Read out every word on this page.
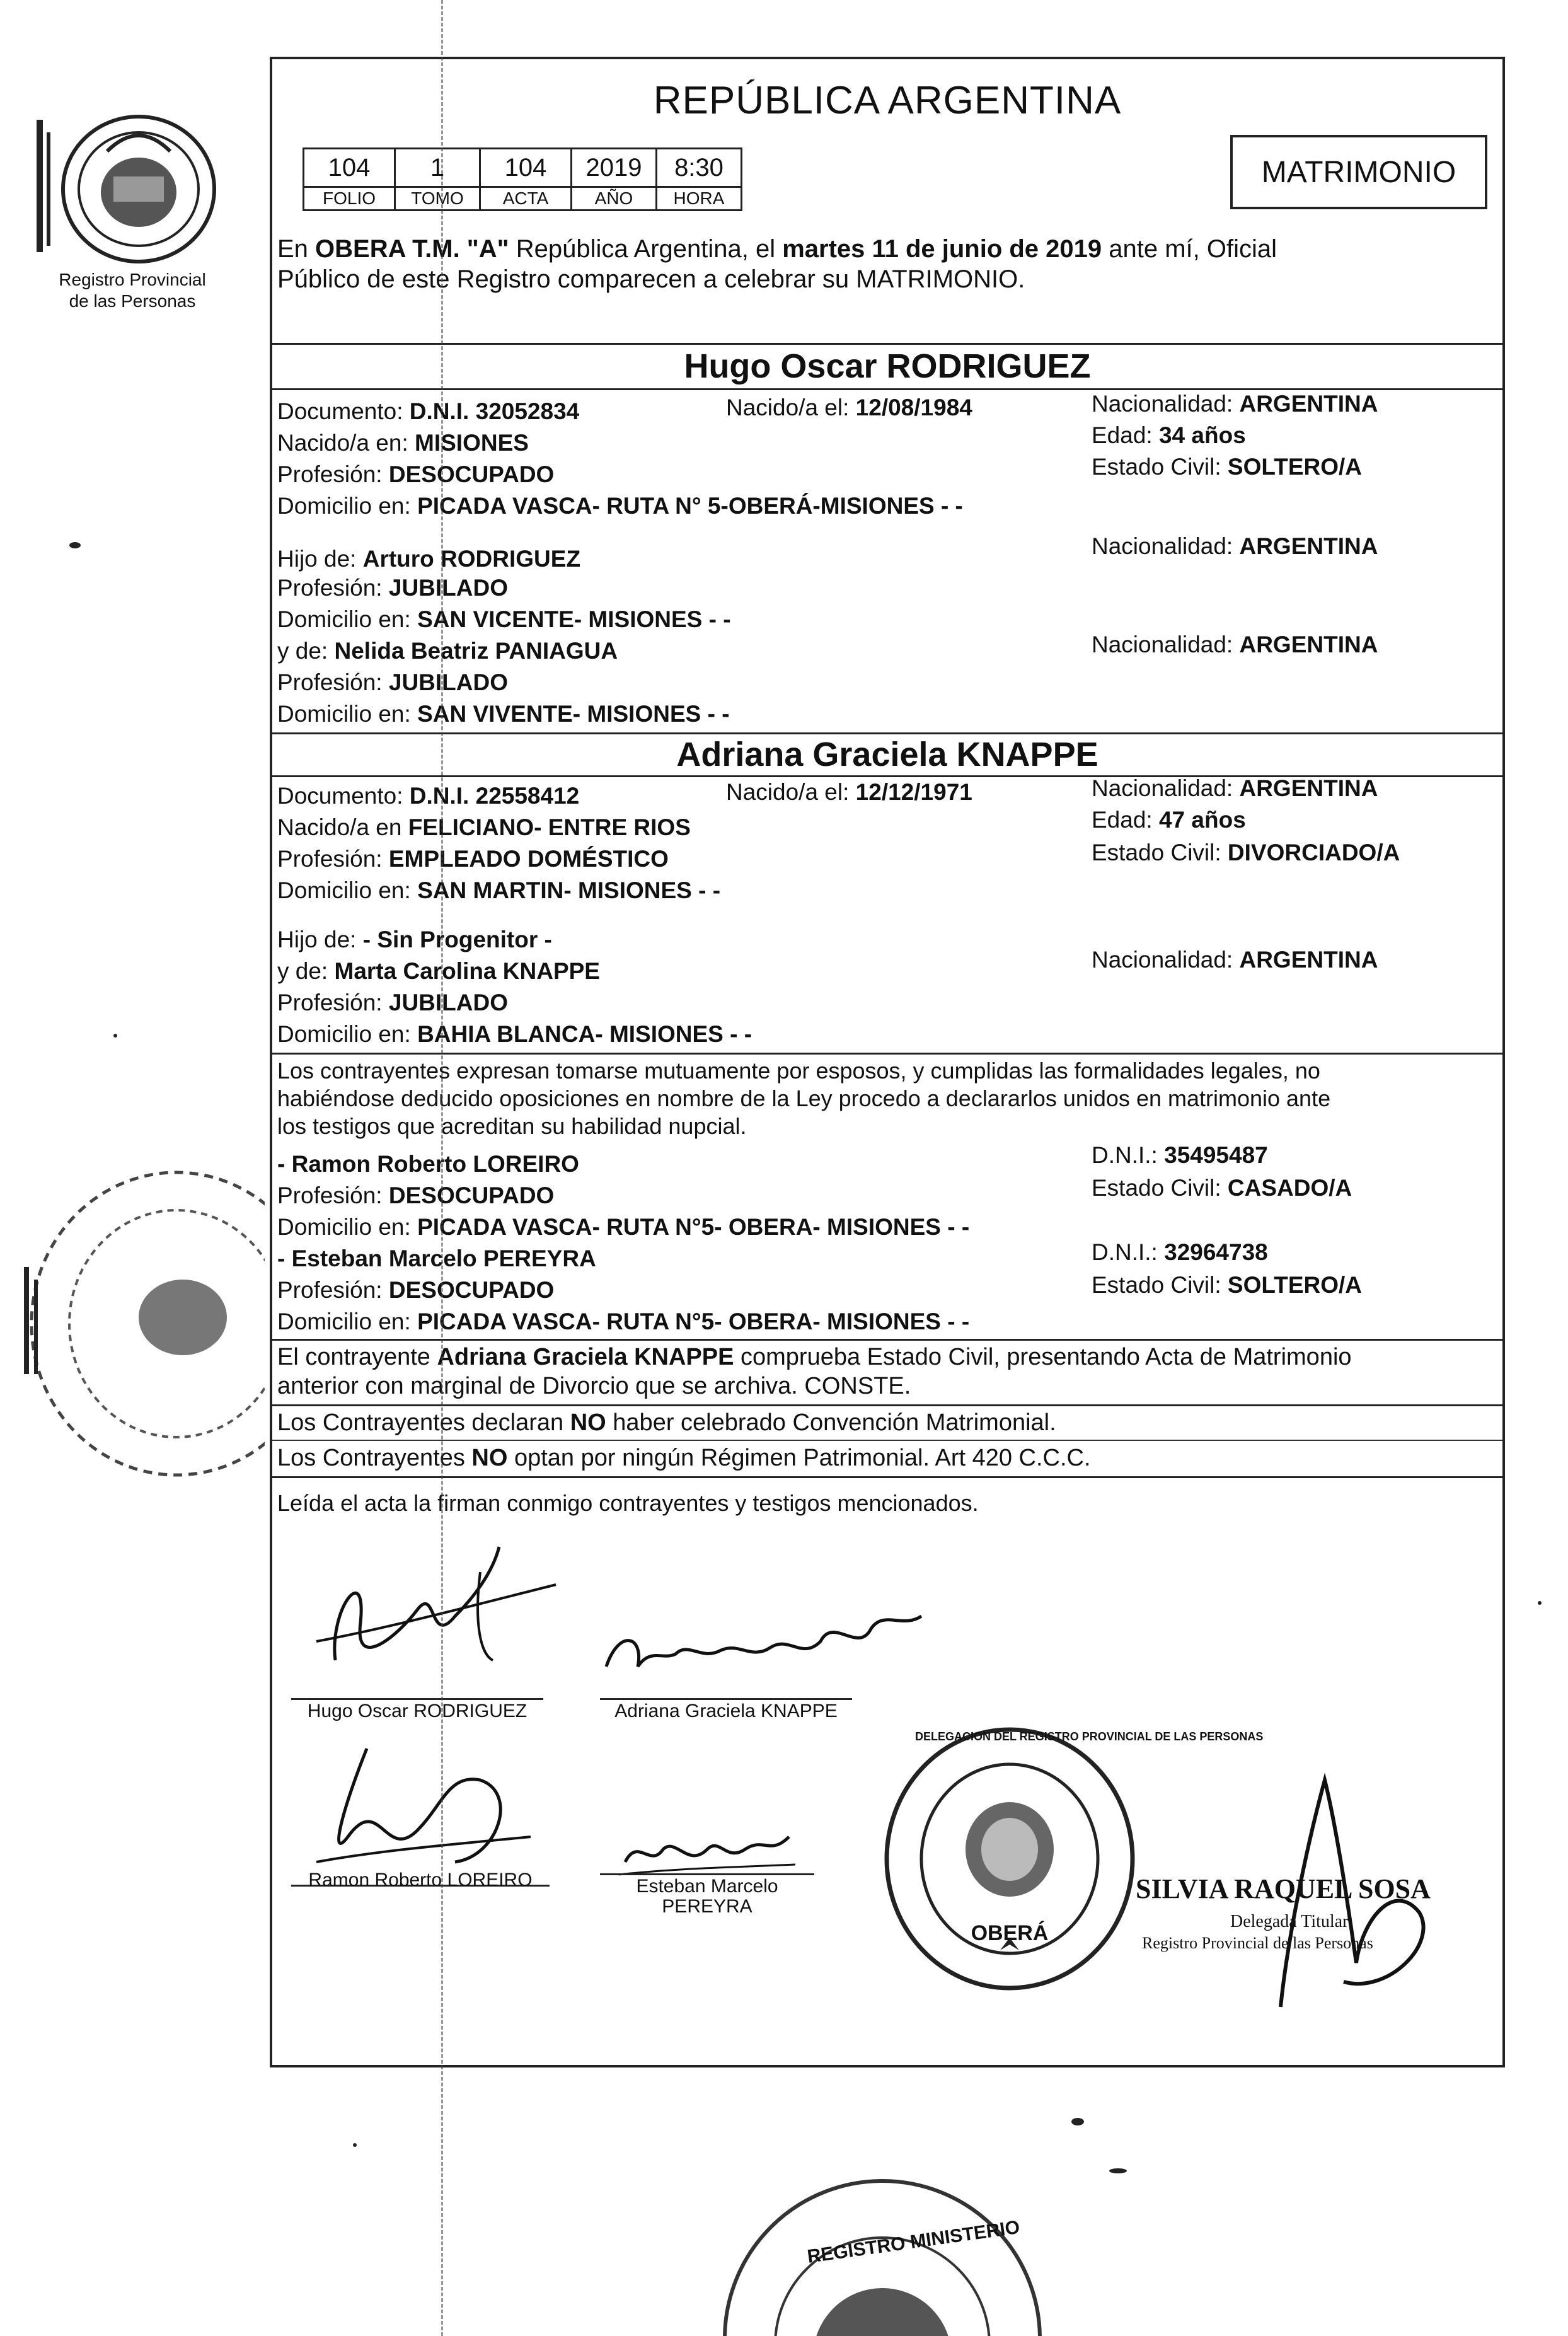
Registro Provincial
de las Personas
REPÚBLICA ARGENTINA
104	1	104	2019	8:30
FOLIO	TOMO	ACTA	AÑO	HORA
MATRIMONIO
En OBERA T.M. "A" República Argentina, el martes 11 de junio de 2019 ante mí, Oficial
Público de este Registro comparecen a celebrar su MATRIMONIO.
Hugo Oscar RODRIGUEZ
Documento: D.N.I. 32052834	Nacido/a el: 12/08/1984	Nacionalidad: ARGENTINA
Nacido/a en: MISIONES	Edad: 34 años
Profesión: DESOCUPADO	Estado Civil: SOLTERO/A
Domicilio en: PICADA VASCA- RUTA N° 5-OBERÁ-MISIONES - -
Hijo de: Arturo RODRIGUEZ	Nacionalidad: ARGENTINA
Profesión: JUBILADO
Domicilio en: SAN VICENTE- MISIONES - -
y de: Nelida Beatriz PANIAGUA	Nacionalidad: ARGENTINA
Profesión: JUBILADO
Domicilio en: SAN VIVENTE- MISIONES - -
Adriana Graciela KNAPPE
Documento: D.N.I. 22558412	Nacido/a el: 12/12/1971	Nacionalidad: ARGENTINA
Nacido/a en FELICIANO- ENTRE RIOS	Edad: 47 años
Profesión: EMPLEADO DOMÉSTICO	Estado Civil: DIVORCIADO/A
Domicilio en: SAN MARTIN- MISIONES - -
Hijo de: - Sin Progenitor -
y de: Marta Carolina KNAPPE	Nacionalidad: ARGENTINA
Profesión: JUBILADO
Domicilio en: BAHIA BLANCA- MISIONES - -
Los contrayentes expresan tomarse mutuamente por esposos, y cumplidas las formalidades legales, no
habiéndose deducido oposiciones en nombre de la Ley procedo a declararlos unidos en matrimonio ante
los testigos que acreditan su habilidad nupcial.
- Ramon Roberto LOREIRO	D.N.I.: 35495487
Profesión: DESOCUPADO	Estado Civil: CASADO/A
Domicilio en: PICADA VASCA- RUTA N°5- OBERA- MISIONES - -
- Esteban Marcelo PEREYRA	D.N.I.: 32964738
Profesión: DESOCUPADO	Estado Civil: SOLTERO/A
Domicilio en: PICADA VASCA- RUTA N°5- OBERA- MISIONES - -
El contrayente Adriana Graciela KNAPPE comprueba Estado Civil, presentando Acta de Matrimonio
anterior con marginal de Divorcio que se archiva. CONSTE.
Los Contrayentes declaran NO haber celebrado Convención Matrimonial.
Los Contrayentes NO optan por ningún Régimen Patrimonial. Art 420 C.C.C.
Leída el acta la firman conmigo contrayentes y testigos mencionados.
Hugo Oscar RODRIGUEZ	Adriana Graciela KNAPPE
Ramon Roberto LOREIRO	Esteban Marcelo
PEREYRA
DELEGACION DEL REGISTRO PROVINCIAL DE LAS PERSONAS
OBERÁ
SILVIA RAQUEL SOSA
Delegada Titular
Registro Provincial de las Personas
REGISTRO MINISTERIO
